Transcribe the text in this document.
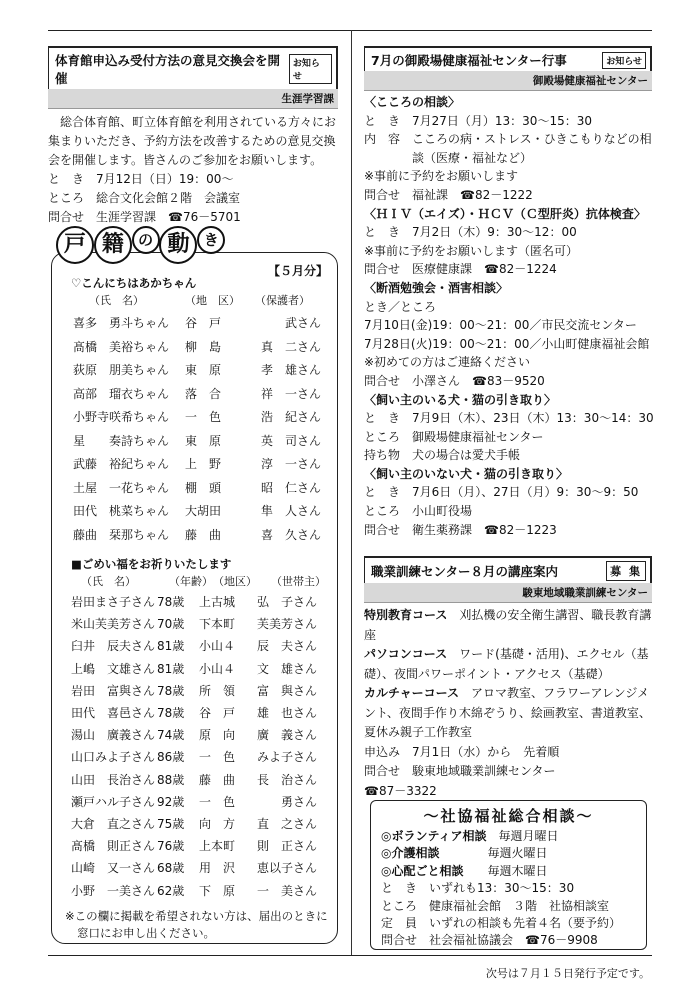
体育館申込み受付方法の意見交換会を開催
お知らせ
生涯学習課

総合体育館、町立体育館を利用されている方々にお

集まりいただき、予約方法を改善するための意見交換

会を開催します。皆さんのご参加をお願いします。

と　き　7月12日（日）19：00～

ところ　総合文化会館２階　会議室

問合せ　生涯学習課　☎76－5701

戸 籍 の 動 き
【５月分】
♡こんにちはあかちゃん
（氏　名）	（地　区）	（保護者）
喜多　勇斗ちゃん	谷　戸	武さん
髙橋　美裕ちゃん	柳　島	真　二さん
荻原　朋美ちゃん	東　原	孝　雄さん
高部　瑠衣ちゃん	落　合	祥　一さん
小野寺咲希ちゃん	一　色	浩　紀さん
星　　奏詩ちゃん	東　原	英　司さん
武藤　裕紀ちゃん	上　野	淳　一さん
土屋　一花ちゃん	棚　頭	昭　仁さん
田代　桃菜ちゃん	大胡田	隼　人さん
藤曲　栞那ちゃん	藤　曲	喜　久さん
■ごめい福をお祈りいたします
（氏　名）	（年齢） （地区）	（世帯主）
岩田まさ子さん 78歳	上古城	弘　子さん
米山芙美芳さん 70歳	下本町	芙美芳さん
臼井　辰夫さん 81歳	小山４	辰　夫さん
上嶋　文雄さん 81歳	小山４	文　雄さん
岩田　富與さん 78歳	所　領	富　與さん
田代　喜邑さん 78歳	谷　戸	雄　也さん
湯山　廣義さん 74歳	原　向	廣　義さん
山口みよ子さん 86歳	一　色	みよ子さん
山田　長治さん 88歳	藤　曲	長　治さん
瀬戸ハル子さん 92歳	一　色	勇さん
大倉　直之さん 75歳	向　方	直　之さん
髙橋　則正さん 76歳	上本町	則　正さん
山崎　又一さん 68歳	用　沢	恵以子さん
小野　一美さん 62歳	下　原	一　美さん

※この欄に掲載を希望されない方は、届出のときに

窓口にお申し出ください。

7月の御殿場健康福祉センター行事	お知らせ
御殿場健康福祉センター

〈こころの相談〉

と　き　7月27日（月）13：30～15：30

内　容　こころの病・ストレス・ひきこもりなどの相

　　　　談（医療・福祉など）

※事前に予約をお願いします

問合せ　福祉課　☎82－1222

〈ＨＩＶ（エイズ）・ＨＣＶ（Ｃ型肝炎）抗体検査〉

と　き　7月2日（木）9：30～12：00

※事前に予約をお願いします（匿名可）

問合せ　医療健康課　☎82－1224

〈断酒勉強会・酒害相談〉

とき／ところ

7月10日(金)19：00～21：00／市民交流センター

7月28日(火)19：00～21：00／小山町健康福祉会館

※初めての方はご連絡ください

問合せ　小澤さん　☎83－9520

〈飼い主のいる犬・猫の引き取り〉

と　き　7月9日（木）、23日（木）13：30～14：30

ところ　御殿場健康福祉センター

持ち物　犬の場合は愛犬手帳

〈飼い主のいない犬・猫の引き取り〉

と　き　7月6日（月）、27日（月）9：30～9：50

ところ　小山町役場

問合せ　衛生薬務課　☎82－1223

職業訓練センター８月の講座案内	募 集
駿東地域職業訓練センター

特別教育コース　刈払機の安全衛生講習、職長教育講

座

パソコンコース　ワード(基礎・活用)、エクセル（基

礎）、夜間パワーポイント・アクセス（基礎）

カルチャーコース　アロマ教室、フラワーアレンジメ

ント、夜間手作り木綿ぞうり、絵画教室、書道教室、

夏休み親子工作教室

申込み　7月1日（水）から　先着順

問合せ　駿東地域職業訓練センター

☎87－3322

～社協福祉総合相談～

◎ボランティア相談　毎週月曜日

◎介護相談　　　　毎週火曜日

◎心配ごと相談　　毎週木曜日

と　き　いずれも13：30～15：30

ところ　健康福祉会館　３階　社協相談室

定　員　いずれの相談も先着４名（要予約）

問合せ　社会福祉協議会　☎76－9908

次号は７月１５日発行予定です。
